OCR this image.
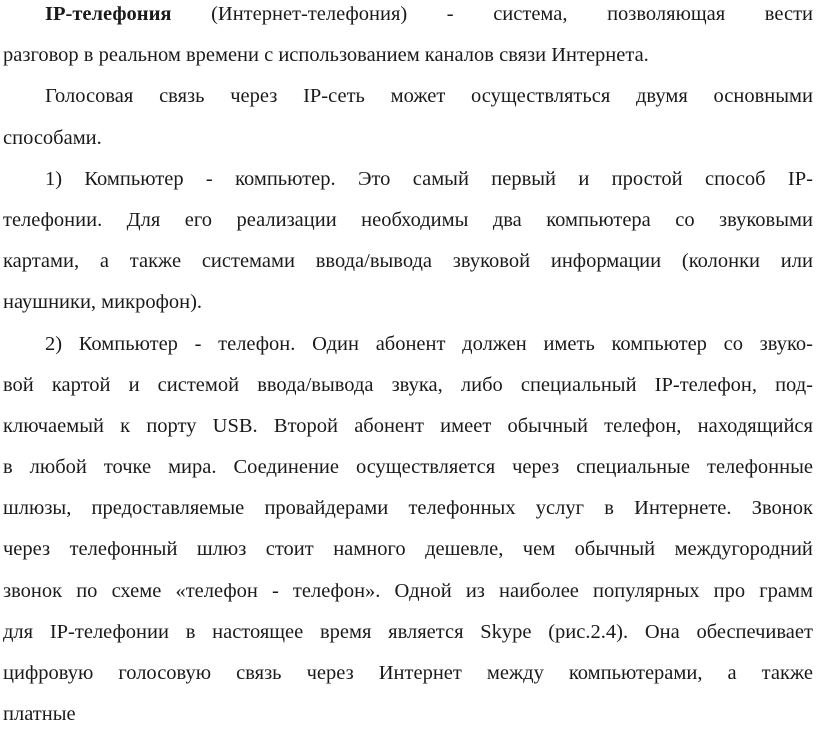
IP-телефония (Интернет-телефония) - система, позволяющая вести
разговор в реальном времени с использованием каналов связи Интернета.
Голосовая связь через IP-сеть может осуществляться двумя основными
способами.
1) Компьютер - компьютер. Это самый первый и простой способ IP-
телефонии. Для его реализации необходимы два компьютера со звуковыми
картами, а также системами ввода/вывода звуковой информации (колонки или
наушники, микрофон).
2) Компьютер - телефон. Один абонент должен иметь компьютер со звуко-
вой картой и системой ввода/вывода звука, либо специальный IP-телефон, под-
ключаемый к порту USB. Второй абонент имеет обычный телефон, находящийся
в любой точке мира. Соединение осуществляется через специальные телефонные
шлюзы, предоставляемые провайдерами телефонных услуг в Интернете. Звонок
через телефонный шлюз стоит намного дешевле, чем обычный междугородний
звонок по схеме «телефон - телефон». Одной из наиболее популярных про грамм
для IP-телефонии в настоящее время является Skype (рис.2.4). Она обеспечивает
цифровую голосовую связь через Интернет между компьютерами, а также
платные
